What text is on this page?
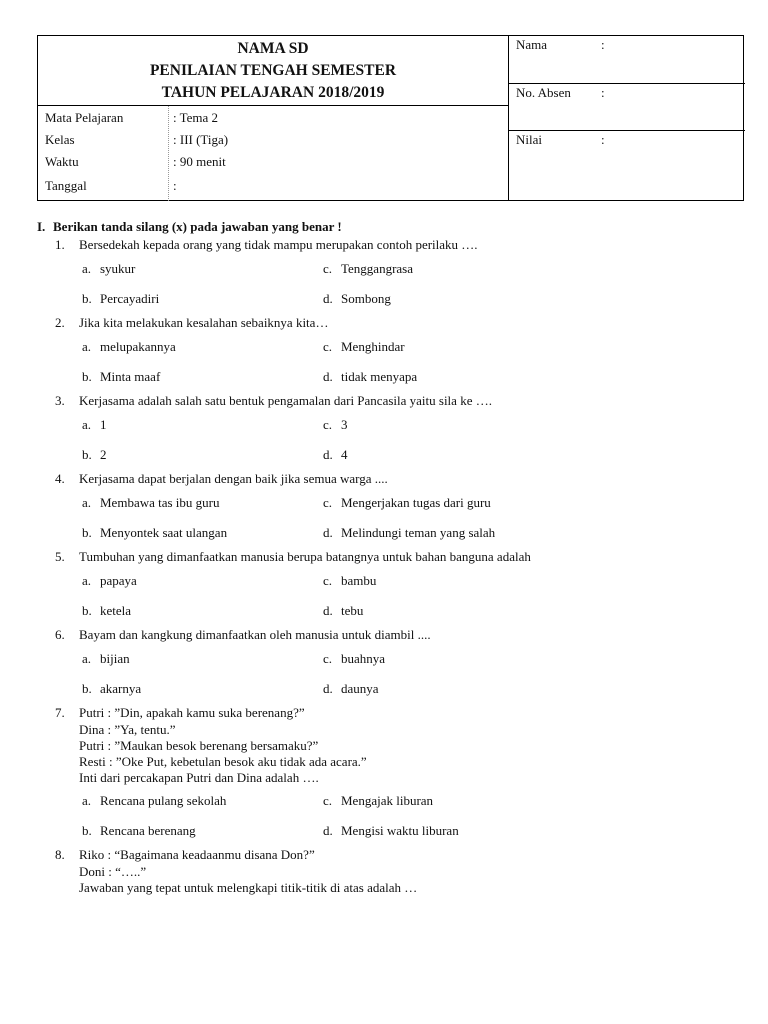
NAMA SD
PENILAIAN TENGAH SEMESTER
TAHUN PELAJARAN 2018/2019
Mata Pelajaran	: Tema 2
Kelas	: III (Tiga)
Waktu	: 90 menit
Tanggal	:
Nama	:
No. Absen :
Nilai	:
I. Berikan tanda silang (x) pada jawaban yang benar !
1.	Bersedekah kepada orang yang tidak mampu merupakan contoh perilaku ….
a. syukur	c. Tenggangrasa
b. Percayadiri	d. Sombong
2.	Jika kita melakukan kesalahan sebaiknya kita…
a. melupakannya	c. Menghindar
b. Minta maaf	d. tidak menyapa
3.	Kerjasama adalah salah satu bentuk pengamalan dari Pancasila yaitu sila ke ….
a. 1	c. 3
b. 2	d. 4
4.	Kerjasama dapat berjalan dengan baik jika semua warga ....
a. Membawa tas ibu guru	c. Mengerjakan tugas dari guru
b. Menyontek saat ulangan	d. Melindungi teman yang salah
5.	Tumbuhan yang dimanfaatkan manusia berupa batangnya untuk bahan banguna adalah
a. papaya	c. bambu
b. ketela	d. tebu
6.	Bayam dan kangkung dimanfaatkan oleh manusia untuk diambil ....
a. bijian	c. buahnya
b. akarnya	d. daunya
7.	Putri : ”Din, apakah kamu suka berenang?”
Dina : ”Ya, tentu.”
Putri : ”Maukan besok berenang bersamaku?”
Resti : ”Oke Put, kebetulan besok aku tidak ada acara.”
Inti dari percakapan Putri dan Dina adalah ….
a. Rencana pulang sekolah	c. Mengajak liburan
b. Rencana berenang	d. Mengisi waktu liburan
8.	Riko : “Bagaimana keadaanmu disana Don?”
Doni : “…..”
Jawaban yang tepat untuk melengkapi titik-titik di atas adalah …
